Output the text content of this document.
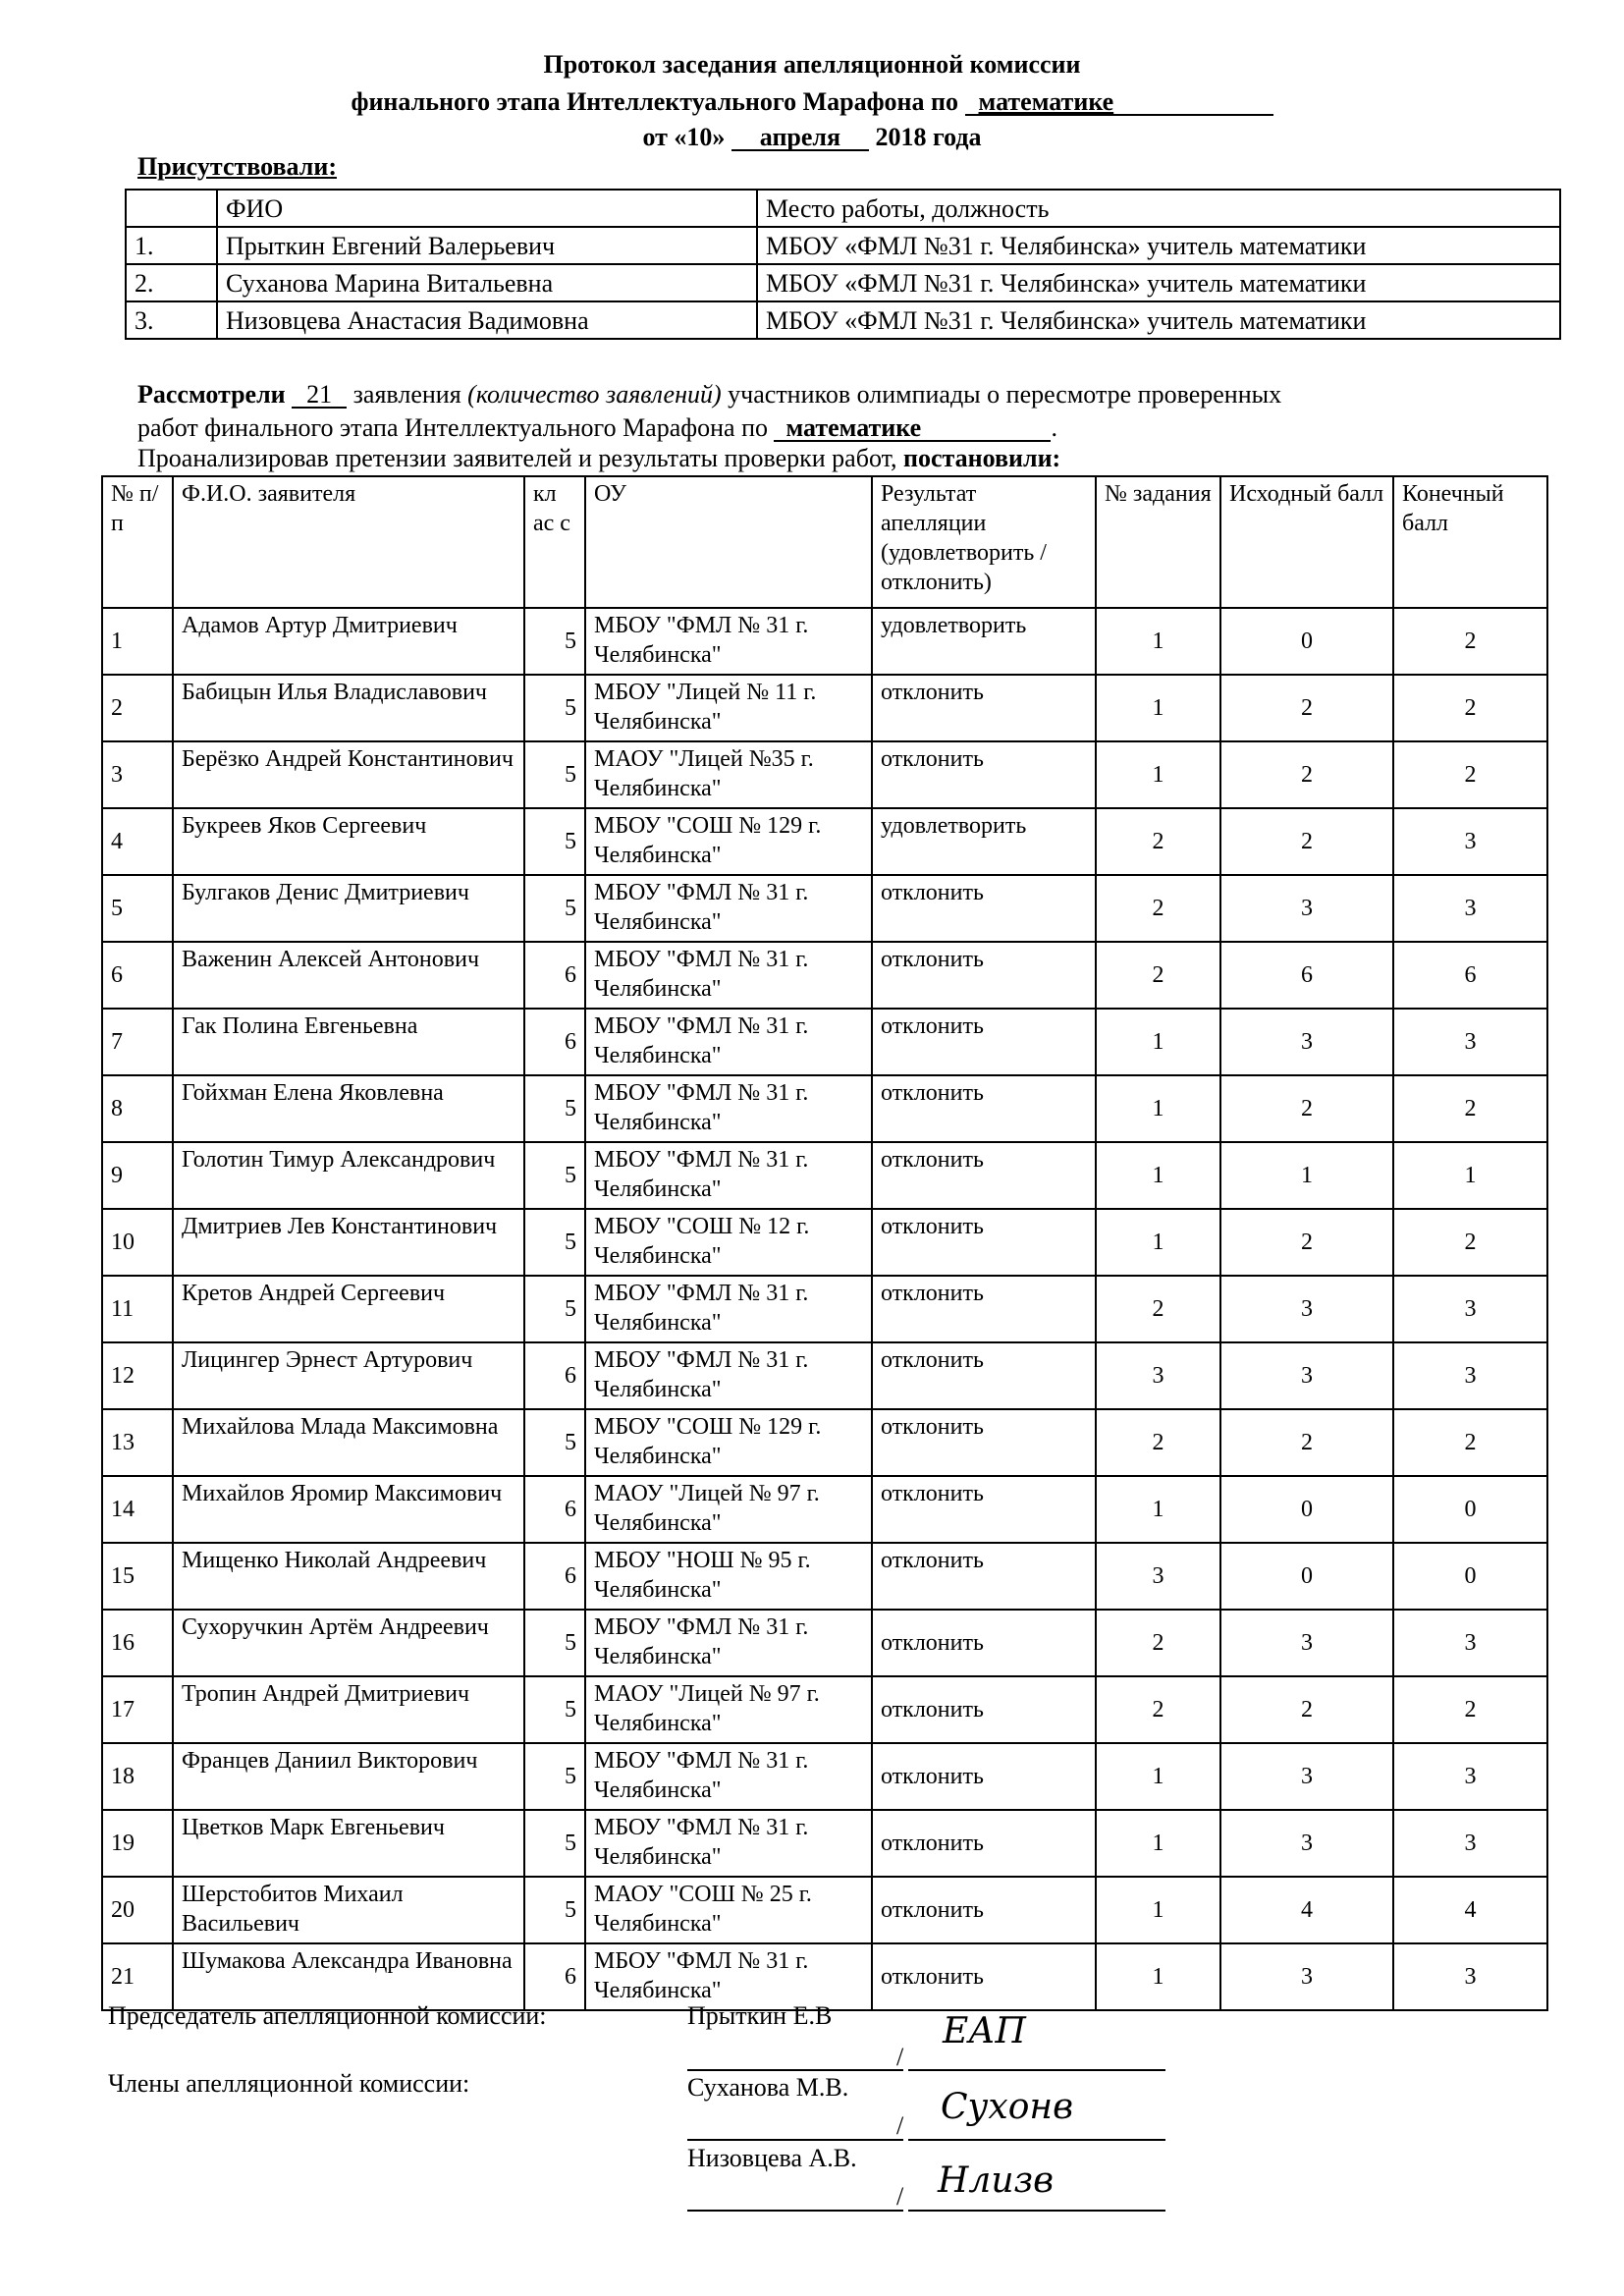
Протокол заседания апелляционной комиссии
финального этапа Интеллектуального Марафона по математике
от «10» апреля 2018 года
Присутствовали:
	ФИО	Место работы, должность
1.	Прыткин Евгений Валерьевич	МБОУ «ФМЛ №31 г. Челябинска» учитель математики
2.	Суханова Марина Витальевна	МБОУ «ФМЛ №31 г. Челябинска» учитель математики
3.	Низовцева Анастасия Вадимовна	МБОУ «ФМЛ №31 г. Челябинска» учитель математики
Рассмотрели 21 заявления (количество заявлений) участников олимпиады о пересмотре проверенных
работ финального этапа Интеллектуального Марафона по математике	.
Проанализировав претензии заявителей и результаты проверки работ, постановили:
№ п/п	Ф.И.О. заявителя	кл ас с	ОУ	Результат апелляции (удовлетворить /отклонить)	№ задания	Исходный балл	Конечный балл
1	Адамов Артур Дмитриевич	5	МБОУ "ФМЛ № 31 г. Челябинска"	удовлетворить	1	0	2
2	Бабицын Илья Владиславович	5	МБОУ "Лицей № 11 г. Челябинска"	отклонить	1	2	2
3	Берёзко Андрей Константинович	5	МАОУ "Лицей №35 г. Челябинска"	отклонить	1	2	2
4	Букреев Яков Сергеевич	5	МБОУ "СОШ № 129 г. Челябинска"	удовлетворить	2	2	3
5	Булгаков Денис Дмитриевич	5	МБОУ "ФМЛ № 31 г. Челябинска"	отклонить	2	3	3
6	Важенин Алексей Антонович	6	МБОУ "ФМЛ № 31 г. Челябинска"	отклонить	2	6	6
7	Гак Полина Евгеньевна	6	МБОУ "ФМЛ № 31 г. Челябинска"	отклонить	1	3	3
8	Гойхман Елена Яковлевна	5	МБОУ "ФМЛ № 31 г. Челябинска"	отклонить	1	2	2
9	Голотин Тимур Александрович	5	МБОУ "ФМЛ № 31 г. Челябинска"	отклонить	1	1	1
10	Дмитриев Лев Константинович	5	МБОУ "СОШ № 12 г. Челябинска"	отклонить	1	2	2
11	Кретов Андрей Сергеевич	5	МБОУ "ФМЛ № 31 г. Челябинска"	отклонить	2	3	3
12	Лицингер Эрнест Артурович	6	МБОУ "ФМЛ № 31 г. Челябинска"	отклонить	3	3	3
13	Михайлова Млада Максимовна	5	МБОУ "СОШ № 129 г. Челябинска"	отклонить	2	2	2
14	Михайлов Яромир Максимович	6	МАОУ "Лицей № 97 г. Челябинска"	отклонить	1	0	0
15	Мищенко Николай Андреевич	6	МБОУ "НОШ № 95 г. Челябинска"	отклонить	3	0	0
16	Сухоручкин Артём Андреевич	5	МБОУ "ФМЛ № 31 г. Челябинска"	отклонить	2	3	3
17	Тропин Андрей Дмитриевич	5	МАОУ "Лицей № 97 г. Челябинска"	отклонить	2	2	2
18	Францев Даниил Викторович	5	МБОУ "ФМЛ № 31 г. Челябинска"	отклонить	1	3	3
19	Цветков Марк Евгеньевич	5	МБОУ "ФМЛ № 31 г. Челябинска"	отклонить	1	3	3
20	Шерстобитов Михаил Васильевич	5	МАОУ "СОШ № 25 г. Челябинска"	отклонить	1	4	4
21	Шумакова Александра Ивановна	6	МБОУ "ФМЛ № 31 г. Челябинска"	отклонить	1	3	3
Председатель апелляционной комиссии:
Члены апелляционной комиссии:
Прыткин Е.В
/
ЕАП
Суханова М.В.
/ Сухонв
Низовцева А.В.
/ Нлизв
